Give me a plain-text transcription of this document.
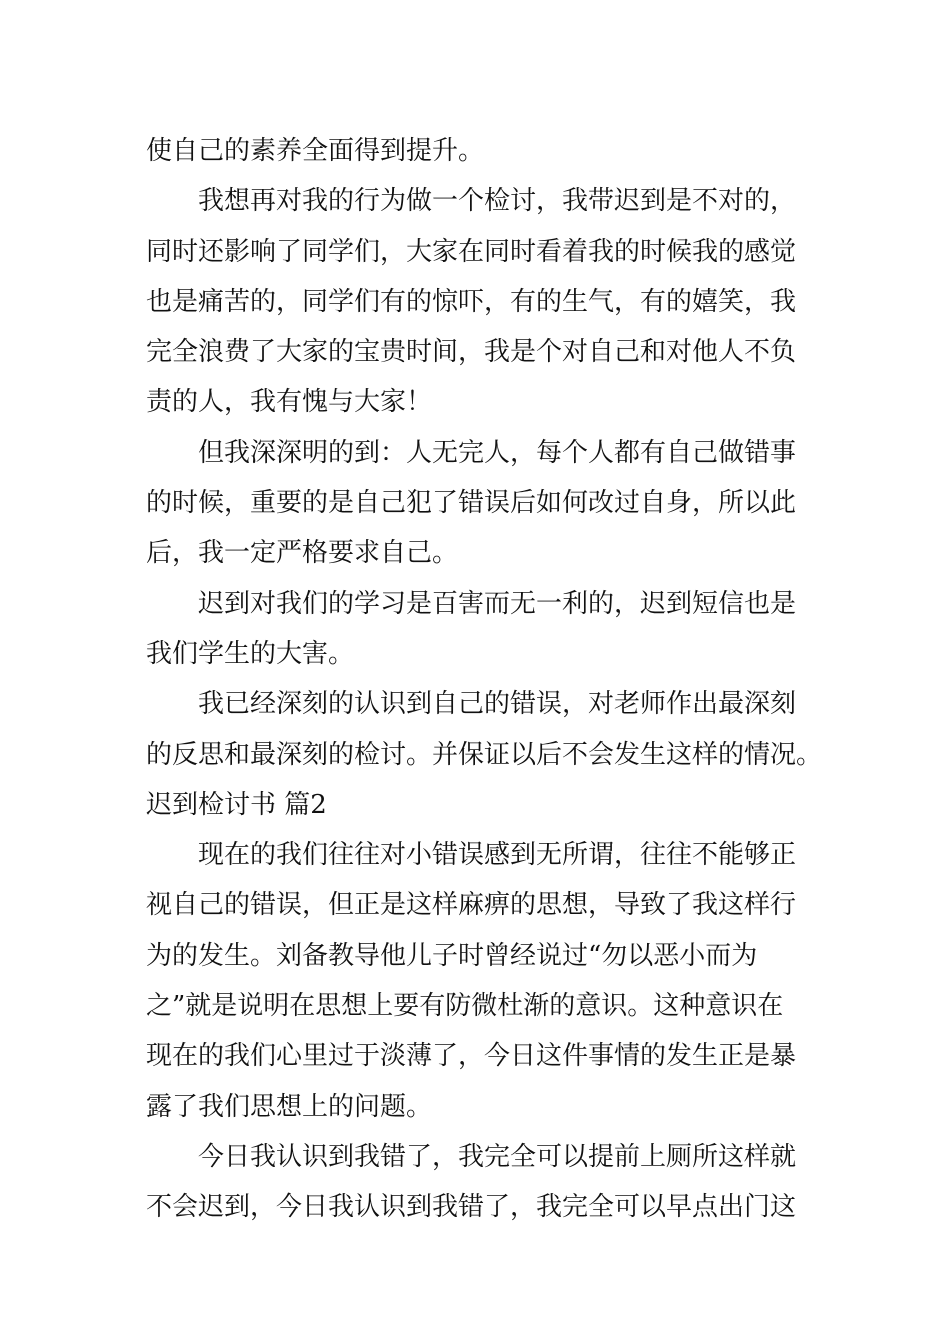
使自己的素养全面得到提升。
我想再对我的行为做一个检讨，我带迟到是不对的，
同时还影响了同学们，大家在同时看着我的时候我的感觉
也是痛苦的，同学们有的惊吓，有的生气，有的嬉笑，我
完全浪费了大家的宝贵时间，我是个对自己和对他人不负
责的人，我有愧与大家！
但我深深明的到：人无完人，每个人都有自己做错事
的时候，重要的是自己犯了错误后如何改过自身，所以此
后，我一定严格要求自己。
迟到对我们的学习是百害而无一利的，迟到短信也是
我们学生的大害。
我已经深刻的认识到自己的错误，对老师作出最深刻
的反思和最深刻的检讨。并保证以后不会发生这样的情况。
迟到检讨书 篇2
现在的我们往往对小错误感到无所谓，往往不能够正
视自己的错误，但正是这样麻痹的思想，导致了我这样行
为的发生。刘备教导他儿子时曾经说过“勿以恶小而为
之”就是说明在思想上要有防微杜渐的意识。这种意识在
现在的我们心里过于淡薄了，今日这件事情的发生正是暴
露了我们思想上的问题。
今日我认识到我错了，我完全可以提前上厕所这样就
不会迟到，今日我认识到我错了，我完全可以早点出门这
